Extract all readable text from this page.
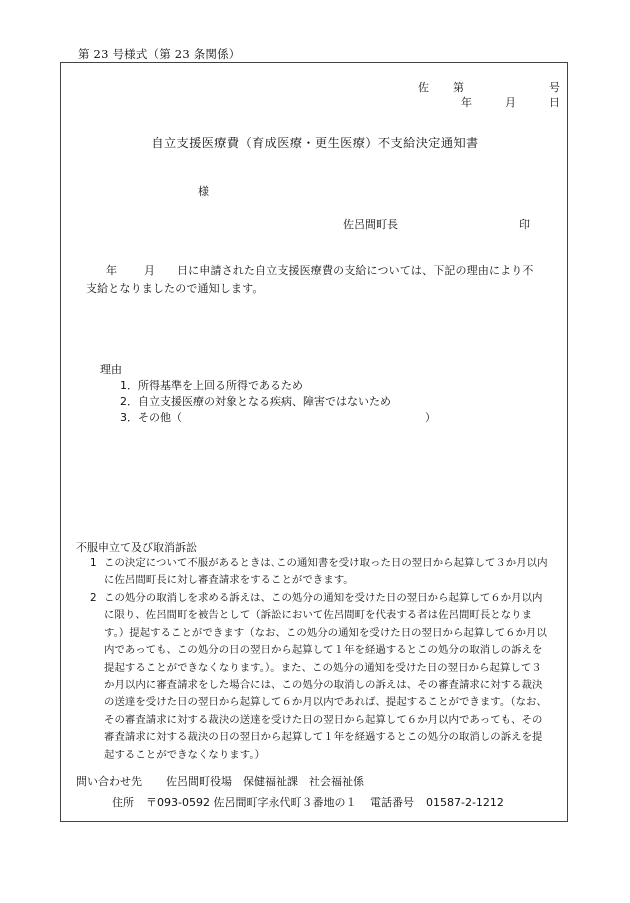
第 23 号様式（第 23 条関係）
佐 第	号
年	月	日
自立支援医療費（育成医療・更生医療）不支給決定通知書
様
佐呂間町長	印
年 月 日に申請された自立支援医療費の支給については、下記の理由により不
支給となりましたので通知します。
理由
1．所得基準を上回る所得であるため
2．自立支援医療の対象となる疾病、障害ではないため
3．その他（	）
不服申立て及び取消訴訟
1 この決定について不服があるときは､この通知書を受け取った日の翌日から起算して３か月以内に佐呂間町長に対し審査請求をすることができます。
2 この処分の取消しを求める訴えは、この処分の通知を受けた日の翌日から起算して６か月以内に限り、佐呂間町を被告として（訴訟において佐呂間町を代表する者は佐呂間町長となります。）提起することができます（なお、この処分の通知を受けた日の翌日から起算して６か月以内であっても、この処分の日の翌日から起算して１年を経過するとこの処分の取消しの訴えを提起することができなくなります。）。また、この処分の通知を受けた日の翌日から起算して３か月以内に審査請求をした場合には、この処分の取消しの訴えは、その審査請求に対する裁決の送達を受けた日の翌日から起算して６か月以内であれば、提起することができます。（なお、その審査請求に対する裁決の送達を受けた日の翌日から起算して６か月以内であっても、その審査請求に対する裁決の日の翌日から起算して１年を経過するとこの処分の取消しの訴えを提起することができなくなります。）
問い合わせ先 佐呂間町役場　保健福祉課　社会福祉係
住所 〒093-0592 佐呂間町字永代町３番地の１ 電話番号 01587-2-1212
